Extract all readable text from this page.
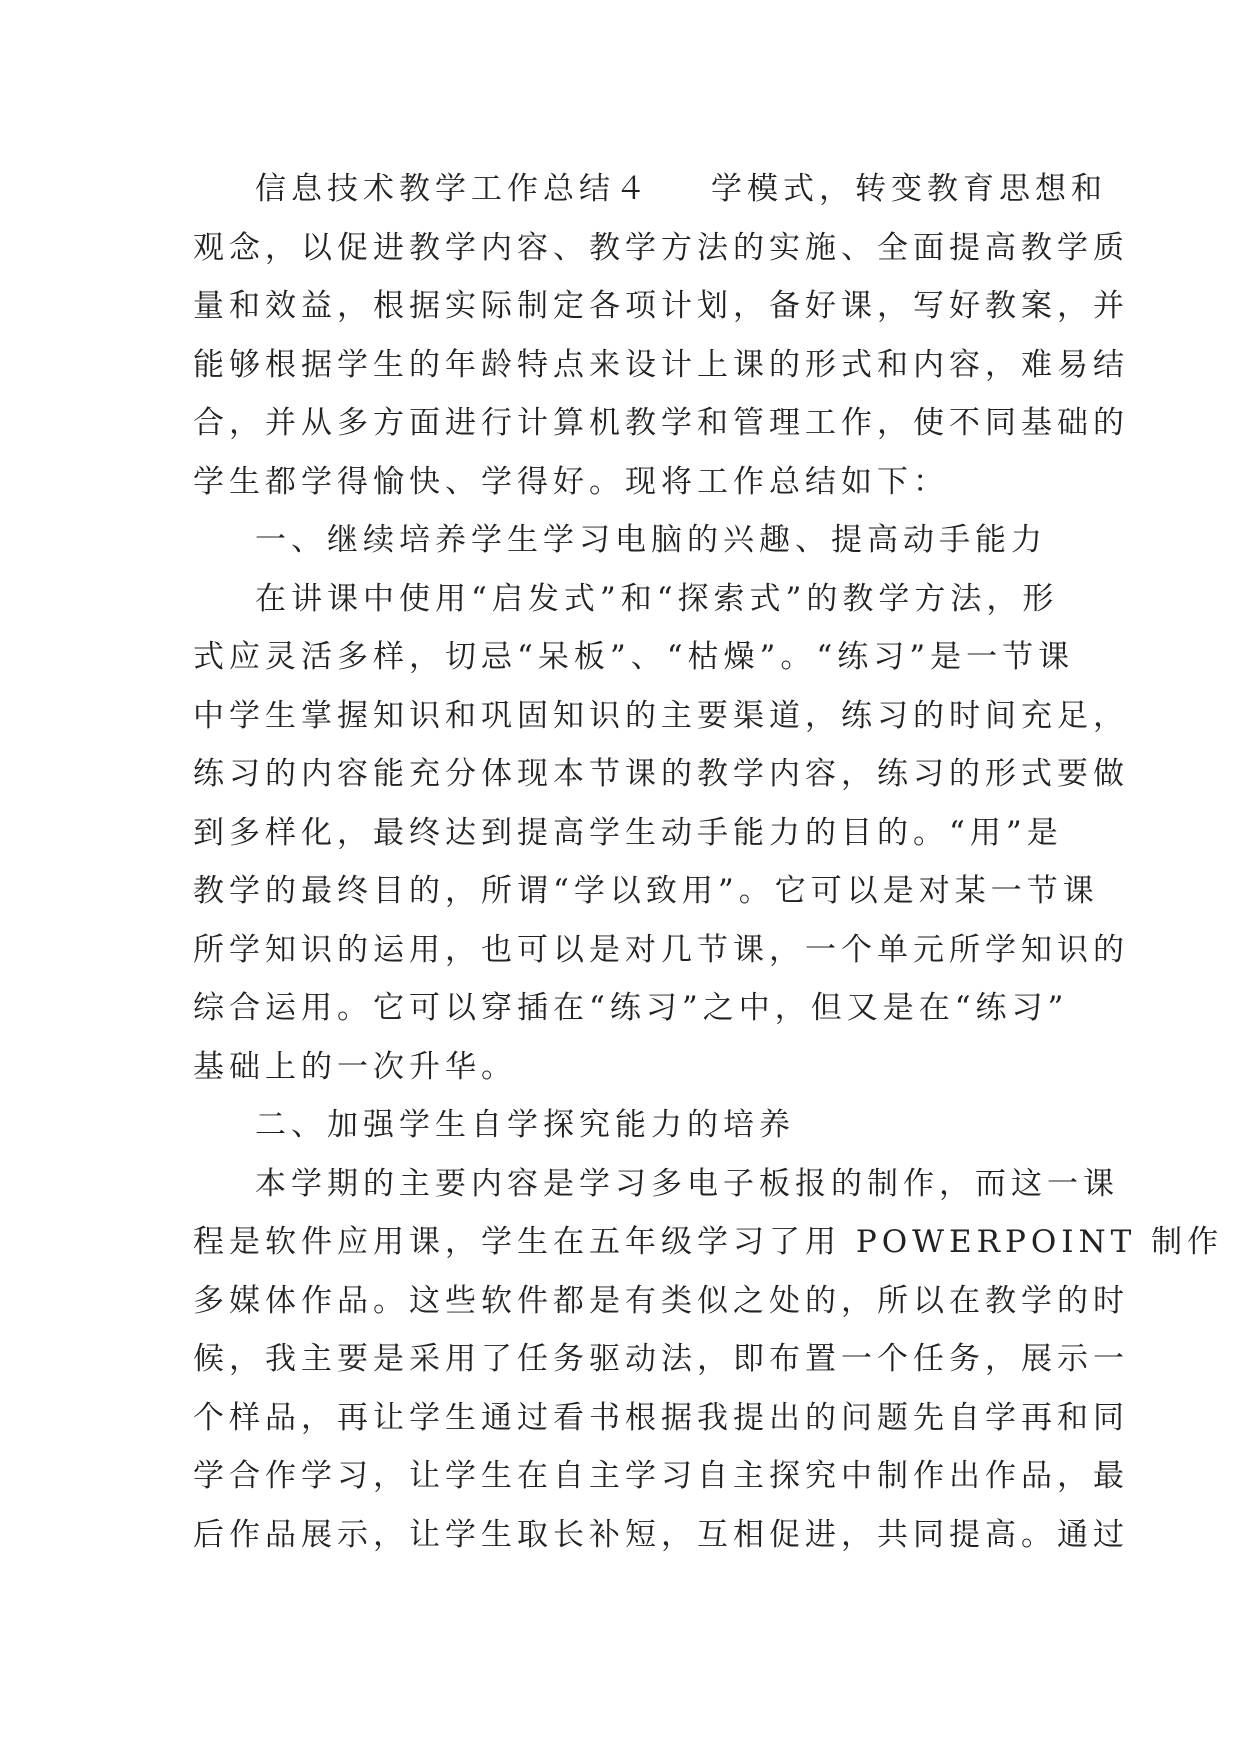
信息技术教学工作总结４ 学模式，转变教育思想和
观念，以促进教学内容、教学方法的实施、全面提高教学质
量和效益，根据实际制定各项计划，备好课，写好教案，并
能够根据学生的年龄特点来设计上课的形式和内容，难易结
合，并从多方面进行计算机教学和管理工作，使不同基础的
学生都学得愉快、学得好。现将工作总结如下：
一、继续培养学生学习电脑的兴趣、提高动手能力
在讲课中使用“启发式”和“探索式”的教学方法，形
式应灵活多样，切忌“呆板”、“枯燥”。“练习”是一节课
中学生掌握知识和巩固知识的主要渠道，练习的时间充足，
练习的内容能充分体现本节课的教学内容，练习的形式要做
到多样化，最终达到提高学生动手能力的目的。“用”是
教学的最终目的，所谓“学以致用”。它可以是对某一节课
所学知识的运用，也可以是对几节课，一个单元所学知识的
综合运用。它可以穿插在“练习”之中，但又是在“练习”
基础上的一次升华。
二、加强学生自学探究能力的培养
本学期的主要内容是学习多电子板报的制作，而这一课
程是软件应用课，学生在五年级学习了用 POWERPOINT 制作
多媒体作品。这些软件都是有类似之处的，所以在教学的时
候，我主要是采用了任务驱动法，即布置一个任务，展示一
个样品，再让学生通过看书根据我提出的问题先自学再和同
学合作学习，让学生在自主学习自主探究中制作出作品，最
后作品展示，让学生取长补短，互相促进，共同提高。通过
